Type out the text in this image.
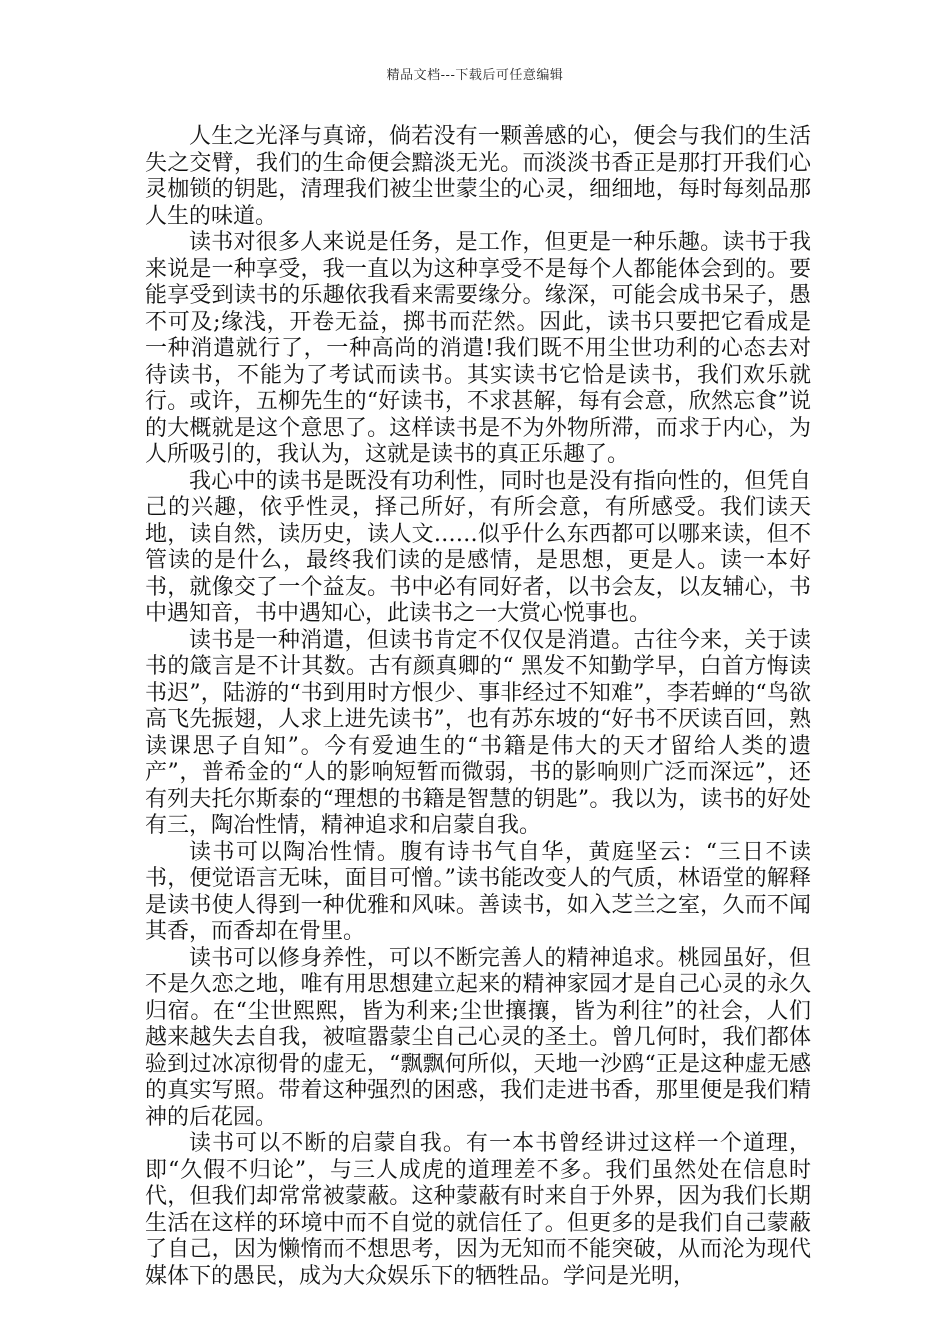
精品文档---下载后可任意编辑

人生之光泽与真谛，倘若没有一颗善感的心，便会与我们的生活失之交臂，我们的生命便会黯淡无光。而淡淡书香正是那打开我们心灵枷锁的钥匙，清理我们被尘世蒙尘的心灵，细细地，每时每刻品那人生的味道。

读书对很多人来说是任务，是工作，但更是一种乐趣。读书于我来说是一种享受，我一直以为这种享受不是每个人都能体会到的。要能享受到读书的乐趣依我看来需要缘分。缘深，可能会成书呆子，愚不可及;缘浅，开卷无益，掷书而茫然。因此，读书只要把它看成是一种消遣就行了，一种高尚的消遣!我们既不用尘世功利的心态去对待读书，不能为了考试而读书。其实读书它恰是读书，我们欢乐就行。或许，五柳先生的“好读书，不求甚解，每有会意，欣然忘食”说的大概就是这个意思了。这样读书是不为外物所滞，而求于内心，为人所吸引的，我认为，这就是读书的真正乐趣了。

我心中的读书是既没有功利性，同时也是没有指向性的，但凭自己的兴趣，依乎性灵，择己所好，有所会意，有所感受。我们读天地，读自然，读历史，读人文……似乎什么东西都可以哪来读，但不管读的是什么，最终我们读的是感情，是思想，更是人。读一本好书，就像交了一个益友。书中必有同好者，以书会友，以友辅心，书中遇知音，书中遇知心，此读书之一大赏心悦事也。

读书是一种消遣，但读书肯定不仅仅是消遣。古往今来，关于读书的箴言是不计其数。古有颜真卿的“ 黑发不知勤学早，白首方悔读书迟”，陆游的“书到用时方恨少、事非经过不知难”，李若蝉的“鸟欲高飞先振翅，人求上进先读书”，也有苏东坡的“好书不厌读百回，熟读课思子自知”。今有爱迪生的“书籍是伟大的天才留给人类的遗产”，普希金的“人的影响短暂而微弱，书的影响则广泛而深远”，还有列夫托尔斯泰的“理想的书籍是智慧的钥匙”。我以为，读书的好处有三，陶冶性情，精神追求和启蒙自我。

读书可以陶冶性情。腹有诗书气自华，黄庭坚云：“三日不读书，便觉语言无味，面目可憎。”读书能改变人的气质，林语堂的解释是读书使人得到一种优雅和风味。善读书，如入芝兰之室，久而不闻其香，而香却在骨里。

读书可以修身养性，可以不断完善人的精神追求。桃园虽好，但不是久恋之地，唯有用思想建立起来的精神家园才是自己心灵的永久归宿。在“尘世熙熙，皆为利来;尘世攘攘，皆为利往”的社会，人们越来越失去自我，被喧嚣蒙尘自己心灵的圣土。曾几何时，我们都体验到过冰凉彻骨的虚无，“飘飘何所似，天地一沙鸥“正是这种虚无感的真实写照。带着这种强烈的困惑，我们走进书香，那里便是我们精神的后花园。

读书可以不断的启蒙自我。有一本书曾经讲过这样一个道理，即“久假不归论”，与三人成虎的道理差不多。我们虽然处在信息时代，但我们却常常被蒙蔽。这种蒙蔽有时来自于外界，因为我们长期生活在这样的环境中而不自觉的就信任了。但更多的是我们自己蒙蔽了自己，因为懒惰而不想思考，因为无知而不能突破，从而沦为现代媒体下的愚民，成为大众娱乐下的牺牲品。学问是光明，
